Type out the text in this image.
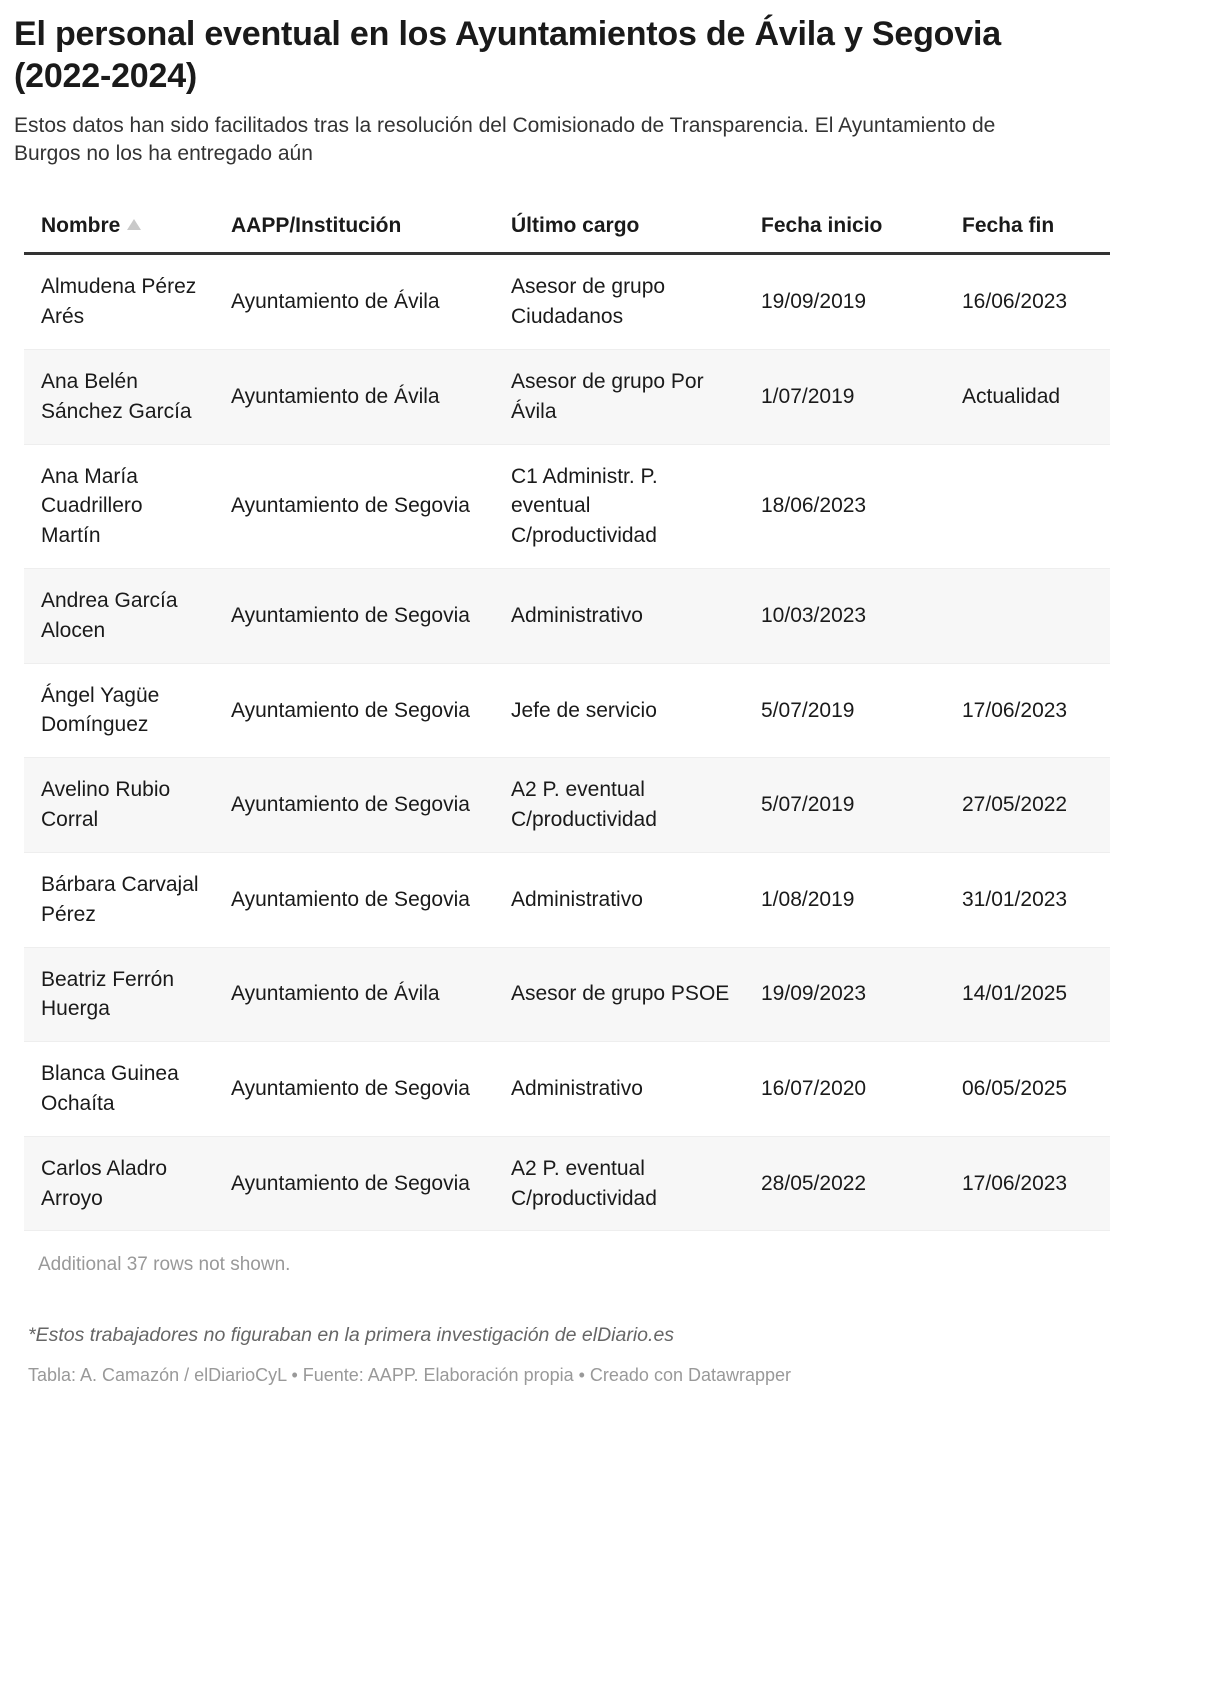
El personal eventual en los Ayuntamientos de Ávila y Segovia (2022-2024)

Estos datos han sido facilitados tras la resolución del Comisionado de Transparencia. El Ayuntamiento de Burgos no los ha entregado aún

Nombre	AAPP/Institución	Último cargo	Fecha inicio	Fecha fin
Almudena Pérez Arés	Ayuntamiento de Ávila	Asesor de grupo Ciudadanos	19/09/2019	16/06/2023
Ana Belén Sánchez García	Ayuntamiento de Ávila	Asesor de grupo Por Ávila	1/07/2019	Actualidad
Ana María Cuadrillero Martín	Ayuntamiento de Segovia	C1 Administr. P. eventual C/productividad	18/06/2023	
Andrea García Alocen	Ayuntamiento de Segovia	Administrativo	10/03/2023	
Ángel Yagüe Domínguez	Ayuntamiento de Segovia	Jefe de servicio	5/07/2019	17/06/2023
Avelino Rubio Corral	Ayuntamiento de Segovia	A2 P. eventual C/productividad	5/07/2019	27/05/2022
Bárbara Carvajal Pérez	Ayuntamiento de Segovia	Administrativo	1/08/2019	31/01/2023
Beatriz Ferrón Huerga	Ayuntamiento de Ávila	Asesor de grupo PSOE	19/09/2023	14/01/2025
Blanca Guinea Ochaíta	Ayuntamiento de Segovia	Administrativo	16/07/2020	06/05/2025
Carlos Aladro Arroyo	Ayuntamiento de Segovia	A2 P. eventual C/productividad	28/05/2022	17/06/2023
Additional 37 rows not shown.
*Estos trabajadores no figuraban en la primera investigación de elDiario.es
Tabla: A. Camazón / elDiarioCyL • Fuente: AAPP. Elaboración propia • Creado con Datawrapper
